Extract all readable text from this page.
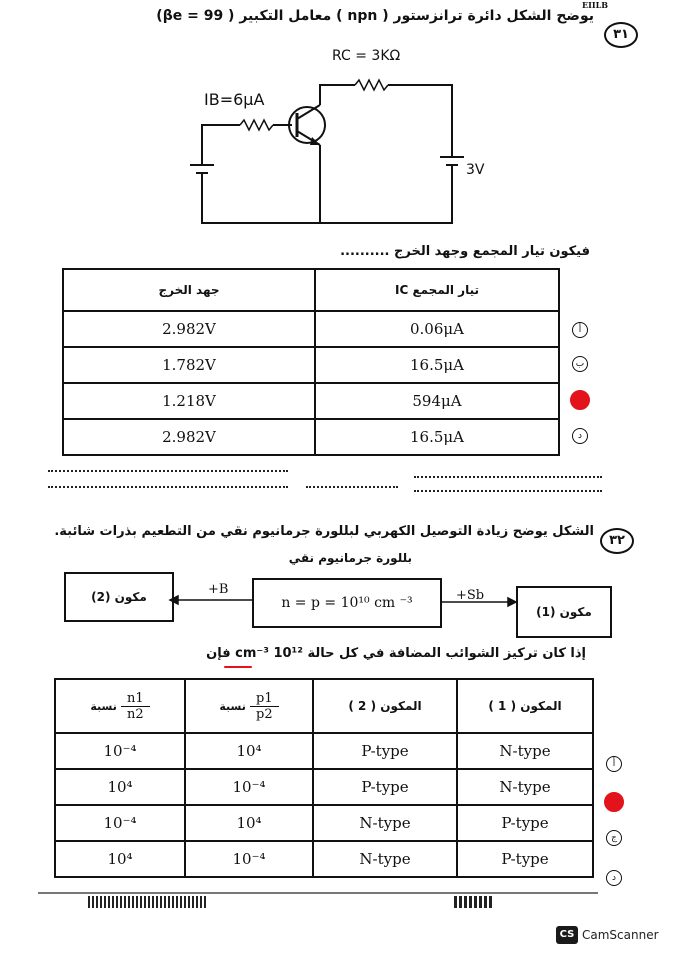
EIILB
٣١
يوضح الشكل دائرة ترانزستور ( npn ) معامل التكبير ( 99 = βe)
RC = 3KΩ
IB=6μA
3V
فيكون تيار المجمع وجهد الخرج ..........
جهد الخرج	تيار المجمع IC
2.982V	0.06μA
1.782V	16.5μA
1.218V	594μA
2.982V	16.5μA
أ
ب
ج
د
٣٢
الشكل يوضح زيادة التوصيل الكهربي لبللورة جرمانيوم نقي من التطعيم بذرات شائبة.
بللورة جرمانيوم نقي
مكون (2)	n = p = 10¹⁰ cm ⁻³
مكون (1)
+B	+Sb
إذا كان تركيز الشوائب المضافة في كل حالة 10¹² cm⁻³ فإن
نسبة $\frac{n1}{n2}$	نسبة $\frac{p1}{p2}$	المكون ( 2 )	المكون ( 1 )
10⁻⁴	10⁴	P-type	N-type
10⁴	10⁻⁴	P-type	N-type
10⁻⁴	10⁴	N-type	P-type
10⁴	10⁻⁴	N-type	P-type
أ
ب
ج
د
CS CamScanner
